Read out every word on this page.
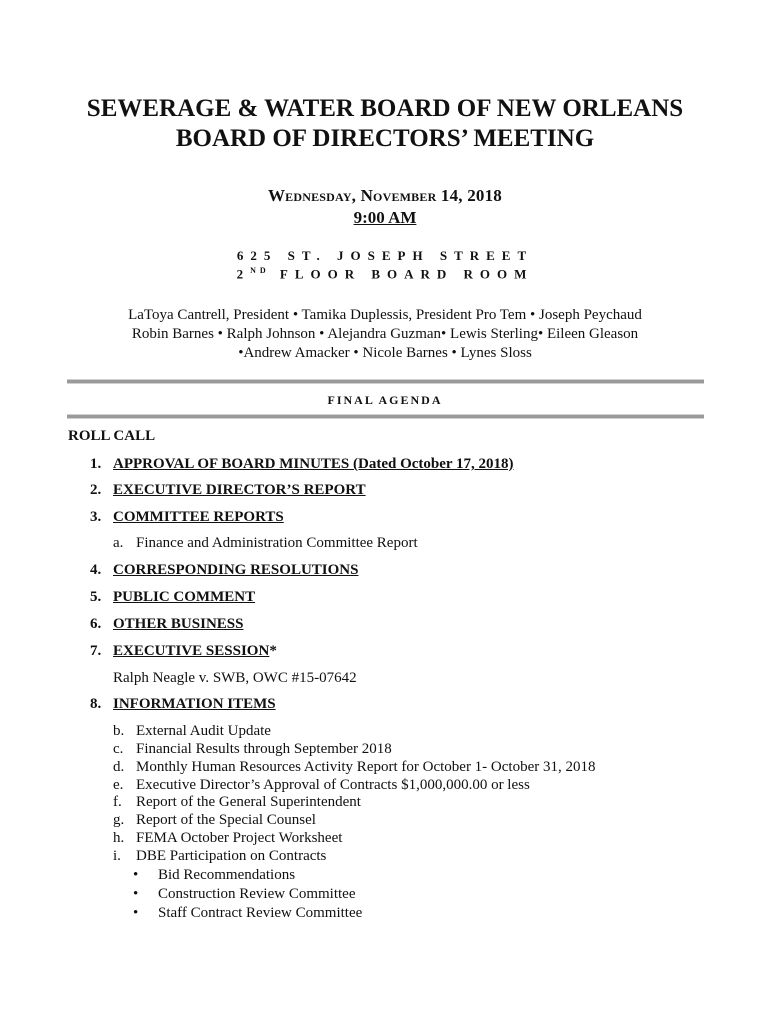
SEWERAGE & WATER BOARD OF NEW ORLEANS
BOARD OF DIRECTORS’ MEETING
Wednesday, November 14, 2018
9:00 AM
625 ST. JOSEPH STREET
2ND FLOOR BOARD ROOM
LaToya Cantrell, President • Tamika Duplessis, President Pro Tem • Joseph Peychaud
Robin Barnes • Ralph Johnson • Alejandra Guzman• Lewis Sterling• Eileen Gleason
•Andrew Amacker • Nicole Barnes • Lynes Sloss
FINAL AGENDA
ROLL CALL
1. APPROVAL OF BOARD MINUTES (Dated October 17, 2018)
2. EXECUTIVE DIRECTOR’S REPORT
3. COMMITTEE REPORTS
a. Finance and Administration Committee Report
4. CORRESPONDING RESOLUTIONS
5. PUBLIC COMMENT
6. OTHER BUSINESS
7. EXECUTIVE SESSION*
Ralph Neagle v. SWB, OWC #15-07642
8. INFORMATION ITEMS
b. External Audit Update
c. Financial Results through September 2018
d. Monthly Human Resources Activity Report for October 1- October 31, 2018
e. Executive Director’s Approval of Contracts $1,000,000.00 or less
f. Report of the General Superintendent
g. Report of the Special Counsel
h. FEMA October Project Worksheet
i. DBE Participation on Contracts
• Bid Recommendations
• Construction Review Committee
• Staff Contract Review Committee
